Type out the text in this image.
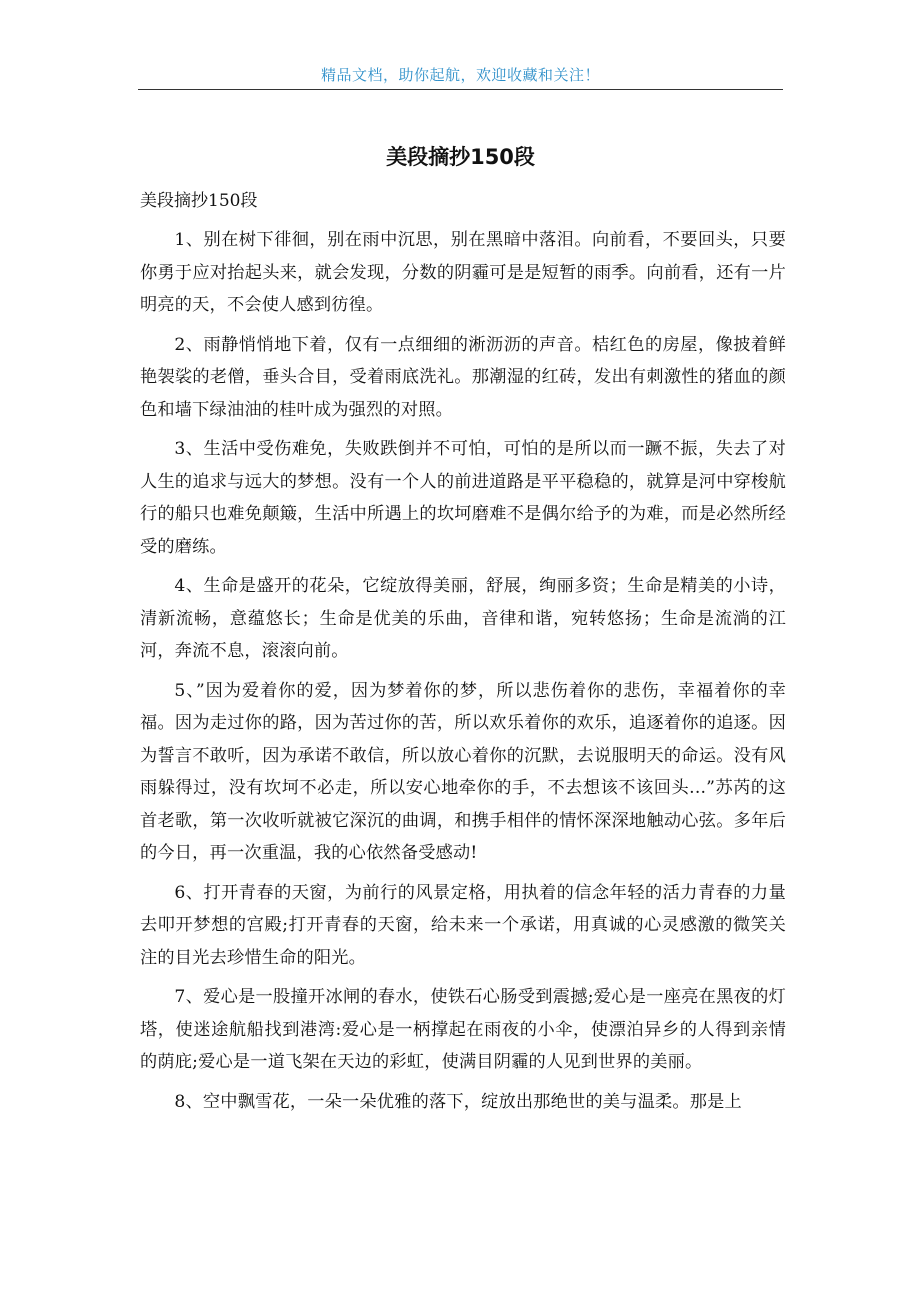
精品文档，助你起航，欢迎收藏和关注！
美段摘抄150段
美段摘抄150段

1、别在树下徘徊，别在雨中沉思，别在黑暗中落泪。向前看，不要回头，只要你勇于应对抬起头来，就会发现，分数的阴霾可是是短暂的雨季。向前看，还有一片明亮的天，不会使人感到彷徨。

2、雨静悄悄地下着，仅有一点细细的淅沥沥的声音。桔红色的房屋，像披着鲜艳袈裟的老僧，垂头合目，受着雨底洗礼。那潮湿的红砖，发出有刺激性的猪血的颜色和墙下绿油油的桂叶成为强烈的对照。

3、生活中受伤难免，失败跌倒并不可怕，可怕的是所以而一蹶不振，失去了对人生的追求与远大的梦想。没有一个人的前进道路是平平稳稳的，就算是河中穿梭航行的船只也难免颠簸，生活中所遇上的坎坷磨难不是偶尔给予的为难，而是必然所经受的磨练。

4、生命是盛开的花朵，它绽放得美丽，舒展，绚丽多资；生命是精美的小诗，清新流畅，意蕴悠长；生命是优美的乐曲，音律和谐，宛转悠扬；生命是流淌的江河，奔流不息，滚滚向前。

5、”因为爱着你的爱，因为梦着你的梦，所以悲伤着你的悲伤，幸福着你的幸福。因为走过你的路，因为苦过你的苦，所以欢乐着你的欢乐，追逐着你的追逐。因为誓言不敢听，因为承诺不敢信，所以放心着你的沉默，去说服明天的命运。没有风雨躲得过，没有坎坷不必走，所以安心地牵你的手，不去想该不该回头...”苏芮的这首老歌，第一次收听就被它深沉的曲调，和携手相伴的情怀深深地触动心弦。多年后的今日，再一次重温，我的心依然备受感动!

6、打开青春的天窗，为前行的风景定格，用执着的信念年轻的活力青春的力量去叩开梦想的宫殿;打开青春的天窗，给未来一个承诺，用真诚的心灵感激的微笑关注的目光去珍惜生命的阳光。

7、爱心是一股撞开冰闸的春水，使铁石心肠受到震撼;爱心是一座亮在黑夜的灯塔，使迷途航船找到港湾:爱心是一柄撑起在雨夜的小伞，使漂泊异乡的人得到亲情的荫庇;爱心是一道飞架在天边的彩虹，使满目阴霾的人见到世界的美丽。

8、空中飘雪花，一朵一朵优雅的落下，绽放出那绝世的美与温柔。那是上
